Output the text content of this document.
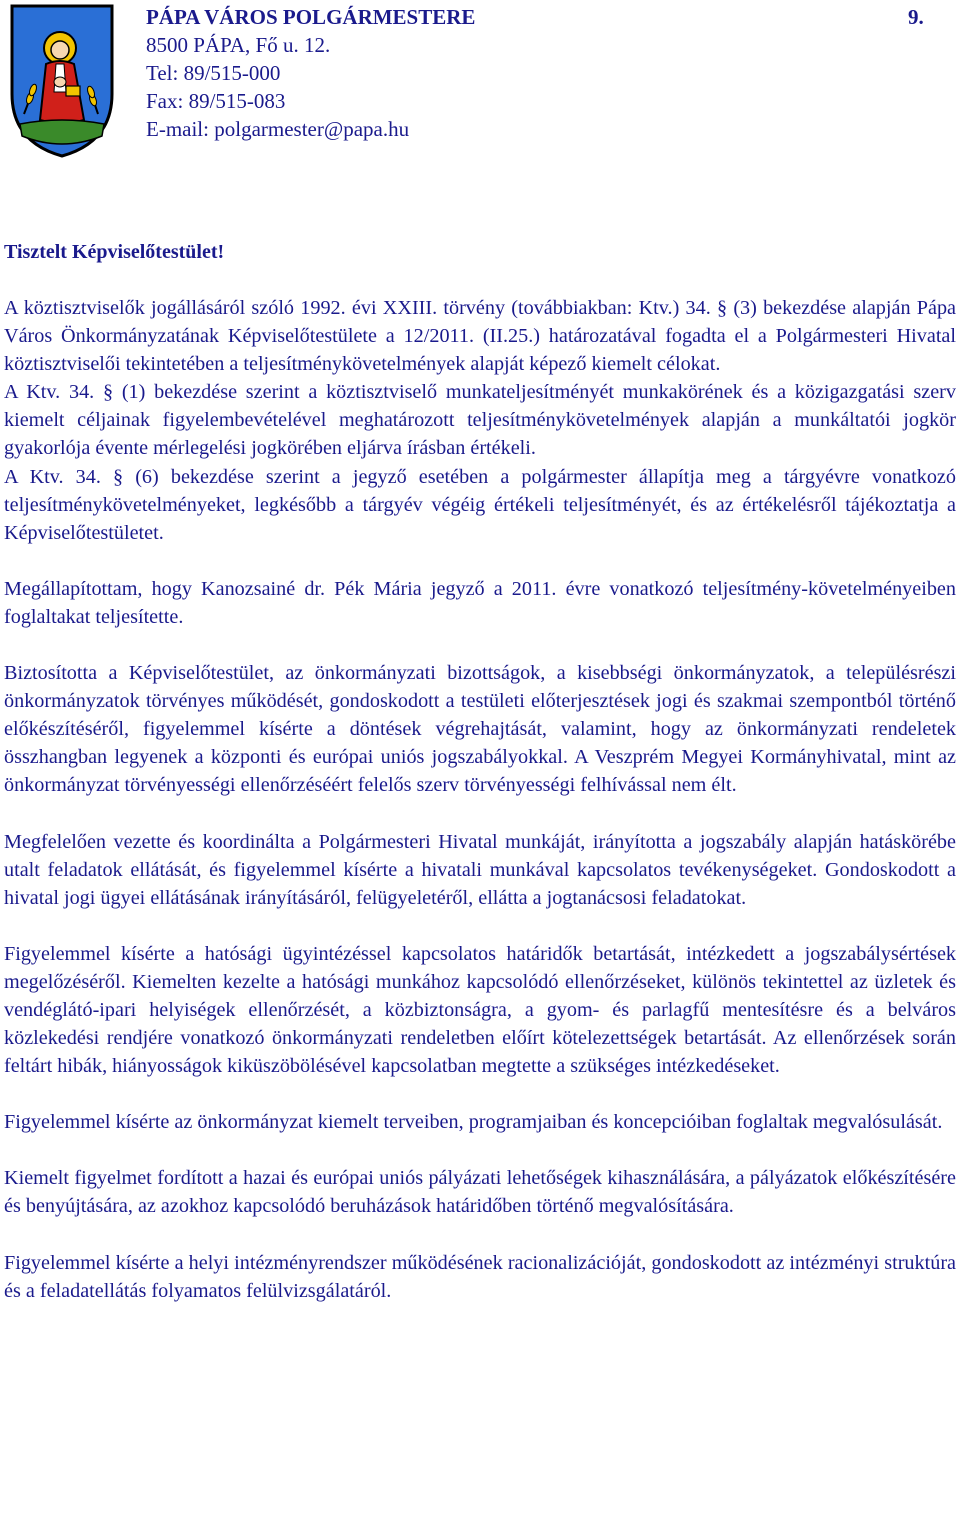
PÁPA VÁROS POLGÁRMESTERE
8500 PÁPA, Fő u. 12.
Tel: 89/515-000
Fax: 89/515-083
E-mail: polgarmester@papa.hu
9.
Tisztelt Képviselőtestület!

A köztisztviselők jogállásáról szóló 1992. évi XXIII. törvény (továbbiakban: Ktv.) 34. § (3) bekezdése alapján Pápa Város Önkormányzatának Képviselőtestülete a 12/2011. (II.25.) határozatával fogadta el a Polgármesteri Hivatal köztisztviselői tekintetében a teljesítménykövetelmények alapját képező kiemelt célokat.

A Ktv. 34. § (1) bekezdése szerint a köztisztviselő munkateljesítményét munkakörének és a közigazgatási szerv kiemelt céljainak figyelembevételével meghatározott teljesítménykövetelmények alapján a munkáltatói jogkör gyakorlója évente mérlegelési jogkörében eljárva írásban értékeli.

A Ktv. 34. § (6) bekezdése szerint a jegyző esetében a polgármester állapítja meg a tárgyévre vonatkozó teljesítménykövetelményeket, legkésőbb a tárgyév végéig értékeli teljesítményét, és az értékelésről tájékoztatja a Képviselőtestületet.

Megállapítottam, hogy Kanozsainé dr. Pék Mária jegyző a 2011. évre vonatkozó teljesítmény-követelményeiben foglaltakat teljesítette.

Biztosította a Képviselőtestület, az önkormányzati bizottságok, a kisebbségi önkormányzatok, a településrészi önkormányzatok törvényes működését, gondoskodott a testületi előterjesztések jogi és szakmai szempontból történő előkészítéséről, figyelemmel kísérte a döntések végrehajtását, valamint, hogy az önkormányzati rendeletek összhangban legyenek a központi és európai uniós jogszabályokkal. A Veszprém Megyei Kormányhivatal, mint az önkormányzat törvényességi ellenőrzéséért felelős szerv törvényességi felhívással nem élt.

Megfelelően vezette és koordinálta a Polgármesteri Hivatal munkáját, irányította a jogszabály alapján hatáskörébe utalt feladatok ellátását, és figyelemmel kísérte a hivatali munkával kapcsolatos tevékenységeket. Gondoskodott a hivatal jogi ügyei ellátásának irányításáról, felügyeletéről, ellátta a jogtanácsosi feladatokat.

Figyelemmel kísérte a hatósági ügyintézéssel kapcsolatos határidők betartását, intézkedett a jogszabálysértések megelőzéséről. Kiemelten kezelte a hatósági munkához kapcsolódó ellenőrzéseket, különös tekintettel az üzletek és vendéglátó-ipari helyiségek ellenőrzését, a közbiztonságra, a gyom- és parlagfű mentesítésre és a belváros közlekedési rendjére vonatkozó önkormányzati rendeletben előírt kötelezettségek betartását. Az ellenőrzések során feltárt hibák, hiányosságok kiküszöbölésével kapcsolatban megtette a szükséges intézkedéseket.

Figyelemmel kísérte az önkormányzat kiemelt terveiben, programjaiban és koncepcióiban foglaltak megvalósulását.

Kiemelt figyelmet fordított a hazai és európai uniós pályázati lehetőségek kihasználására, a pályázatok előkészítésére és benyújtására, az azokhoz kapcsolódó beruházások határidőben történő megvalósítására.

Figyelemmel kísérte a helyi intézményrendszer működésének racionalizációját, gondoskodott az intézményi struktúra és a feladatellátás folyamatos felülvizsgálatáról.
